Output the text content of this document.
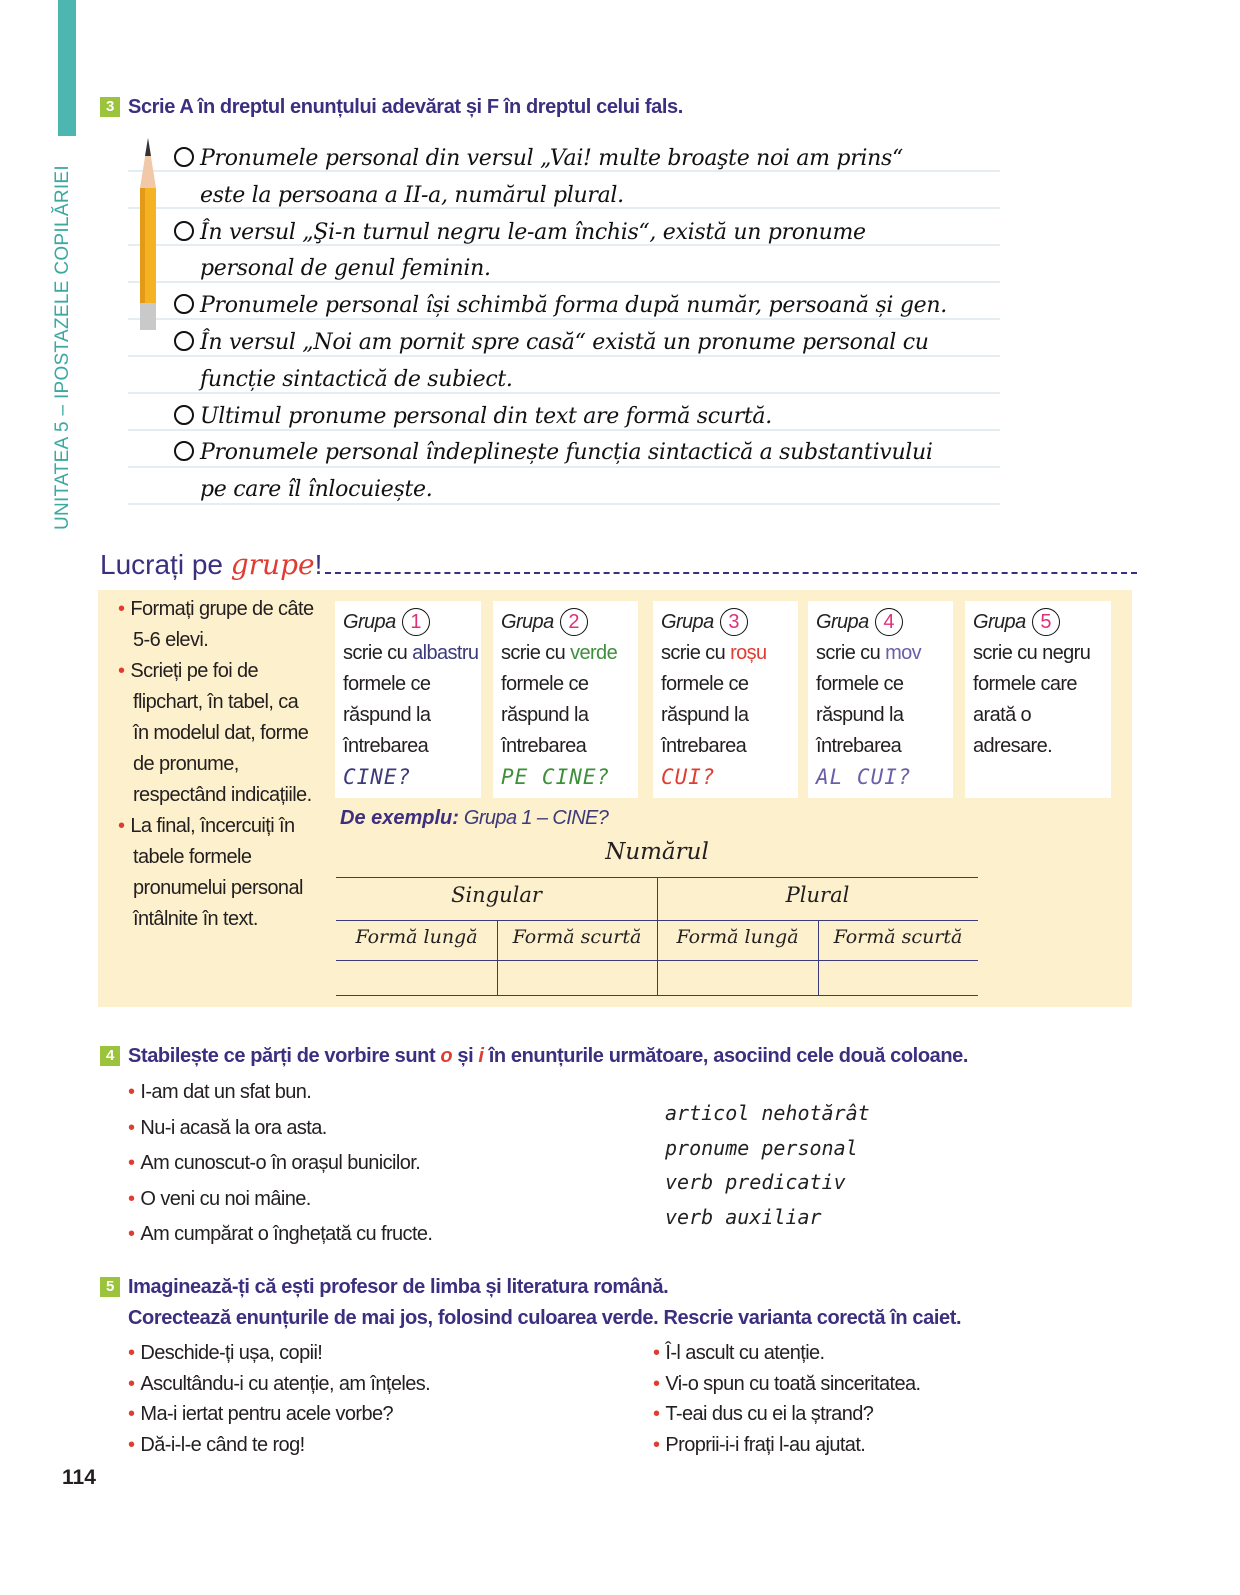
UNITATEA 5 – IPOSTAZELE COPILĂRIEI
3 Scrie A în dreptul enunțului adevărat și F în dreptul celui fals.
Pronumele personal din versul „Vai! multe broaşte noi am prins“
este la persoana a II-a, numărul plural.
În versul „Şi-n turnul negru le-am închis“, există un pronume
personal de genul feminin.
Pronumele personal își schimbă forma după număr, persoană și gen.
În versul „Noi am pornit spre casă“ există un pronume personal cu
funcție sintactică de subiect.
Ultimul pronume personal din text are formă scurtă.
Pronumele personal îndeplinește funcția sintactică a substantivului
pe care îl înlocuiește.
Lucrați pe grupe!
• Formați grupe de câte
5-6 elevi.
• Scrieți pe foi de
flipchart, în tabel, ca
în modelul dat, forme
de pronume,
respectând indicațiile.
• La final, încercuiți în
tabele formele
pronumelui personal
întâlnite în text.
Grupa 1
scrie cu albastru
formele ce
răspund la
întrebarea
CINE?
Grupa 2
scrie cu verde
formele ce
răspund la
întrebarea
PE CINE?
Grupa 3
scrie cu roșu
formele ce
răspund la
întrebarea
CUI?
Grupa 4
scrie cu mov
formele ce
răspund la
întrebarea
AL CUI?
Grupa 5
scrie cu negru
formele care
arată o
adresare.
De exemplu: Grupa 1 – CINE?
Numărul
Singular	Plural
Formă lungă	Formă scurtă	Formă lungă	Formă scurtă
4 Stabilește ce părți de vorbire sunt o și i în enunțurile următoare, asociind cele două coloane.
• I-am dat un sfat bun.
• Nu-i acasă la ora asta.
• Am cunoscut-o în orașul bunicilor.
• O veni cu noi mâine.
• Am cumpărat o înghețată cu fructe.
articol nehotărât
pronume personal
verb predicativ
verb auxiliar
5 Imaginează-ți că ești profesor de limba și literatura română.
Corectează enunțurile de mai jos, folosind culoarea verde. Rescrie varianta corectă în caiet.
• Deschide-ți ușa, copii!
• Ascultându-i cu atenție, am înțeles.
• Ma-i iertat pentru acele vorbe?
• Dă-i-l-e când te rog!
• Î-l ascult cu atenție.
• Vi-o spun cu toată sinceritatea.
• T-eai dus cu ei la ștrand?
• Proprii-i-i frați l-au ajutat.
114
